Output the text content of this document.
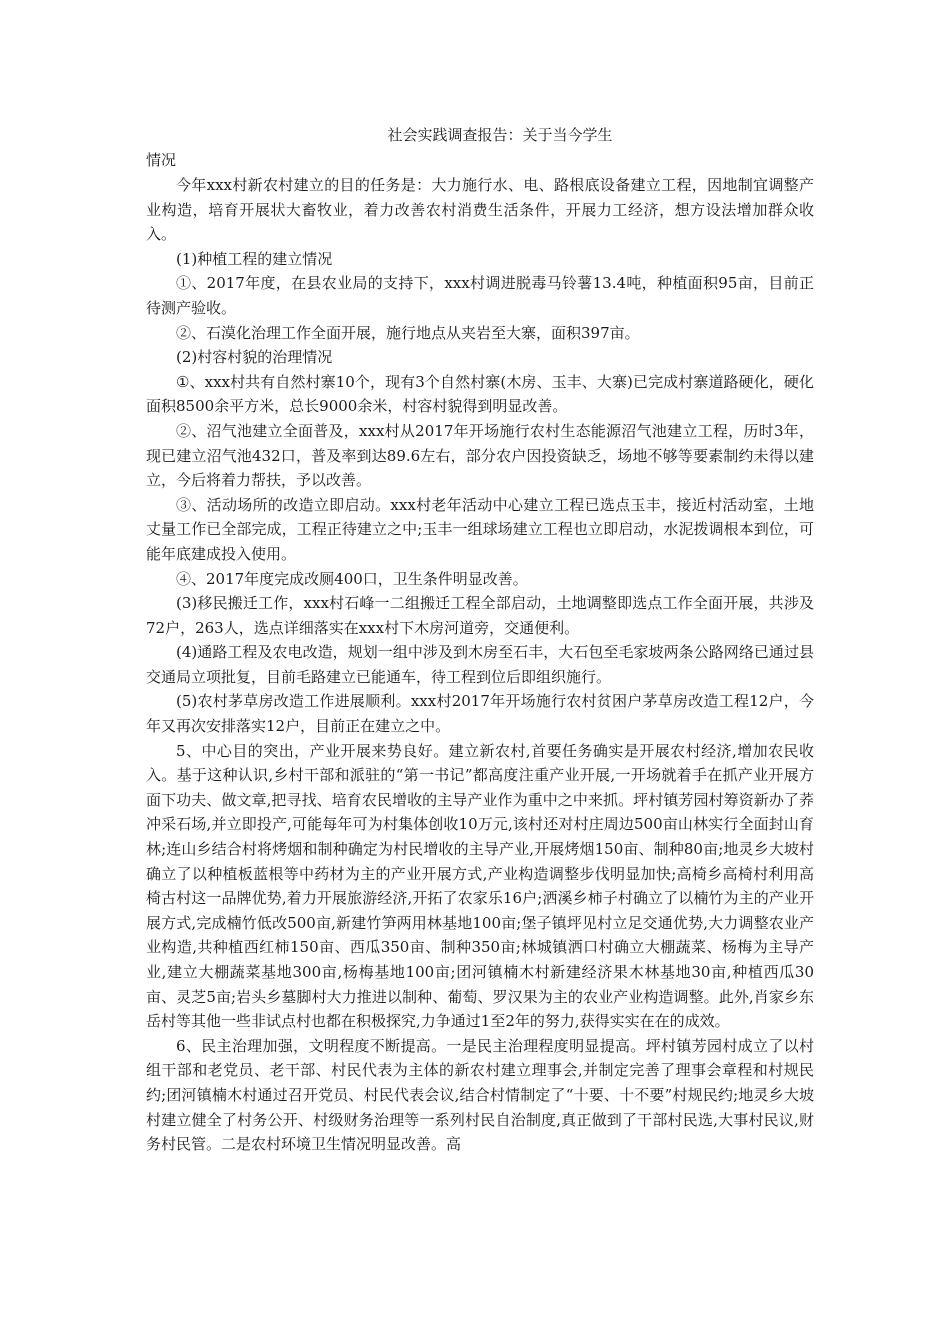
社会实践调查报告：关于当今学生

情况

今年xxx村新农村建立的目的任务是：大力施行水、电、路根底设备建立工程，因地制宜调整产业构造，培育开展状大畜牧业，着力改善农村消费生活条件，开展力工经济，想方设法增加群众收入。

(1)种植工程的建立情况

①、2017年度，在县农业局的支持下，xxx村调进脱毒马铃薯13.4吨，种植面积95亩，目前正待测产验收。

②、石漠化治理工作全面开展，施行地点从夹岩至大寨，面积397亩。

(2)村容村貌的治理情况

①、xxx村共有自然村寨10个，现有3个自然村寨(木房、玉丰、大寨)已完成村寨道路硬化，硬化面积8500余平方米，总长9000余米，村容村貌得到明显改善。

②、沼气池建立全面普及，xxx村从2017年开场施行农村生态能源沼气池建立工程，历时3年，现已建立沼气池432口，普及率到达89.6左右，部分农户因投资缺乏，场地不够等要素制约未得以建立，今后将着力帮扶，予以改善。

③、活动场所的改造立即启动。xxx村老年活动中心建立工程已选点玉丰，接近村活动室，土地丈量工作已全部完成，工程正待建立之中;玉丰一组球场建立工程也立即启动，水泥拨调根本到位，可能年底建成投入使用。

④、2017年度完成改厕400口，卫生条件明显改善。

(3)移民搬迁工作，xxx村石峰一二组搬迁工程全部启动，土地调整即选点工作全面开展，共涉及72户，263人，选点详细落实在xxx村下木房河道旁，交通便利。

(4)通路工程及农电改造，规划一组中涉及到木房至石丰，大石包至毛家坡两条公路网络已通过县交通局立项批复，目前毛路建立已能通车，待工程到位后即组织施行。

(5)农村茅草房改造工作进展顺利。xxx村2017年开场施行农村贫困户茅草房改造工程12户，今年又再次安排落实12户，目前正在建立之中。

5、中心目的突出，产业开展来势良好。建立新农村,首要任务确实是开展农村经济,增加农民收入。基于这种认识,乡村干部和派驻的“第一书记”都高度注重产业开展,一开场就着手在抓产业开展方面下功夫、做文章,把寻找、培育农民增收的主导产业作为重中之中来抓。坪村镇芳园村筹资新办了荞冲采石场,并立即投产,可能每年可为村集体创收10万元,该村还对村庄周边500亩山林实行全面封山育林;连山乡结合村将烤烟和制种确定为村民增收的主导产业,开展烤烟150亩、制种80亩;地灵乡大坡村确立了以种植板蓝根等中药材为主的产业开展方式,产业构造调整步伐明显加快;高椅乡高椅村利用高椅古村这一品牌优势,着力开展旅游经济,开拓了农家乐16户;洒溪乡柿子村确立了以楠竹为主的产业开展方式,完成楠竹低改500亩,新建竹笋两用林基地100亩;堡子镇坪见村立足交通优势,大力调整农业产业构造,共种植西红柿150亩、西瓜350亩、制种350亩;林城镇洒口村确立大棚蔬菜、杨梅为主导产业,建立大棚蔬菜基地300亩,杨梅基地100亩;团河镇楠木村新建经济果木林基地30亩,种植西瓜30亩、灵芝5亩;岩头乡墓脚村大力推进以制种、葡萄、罗汉果为主的农业产业构造调整。此外,肖家乡东岳村等其他一些非试点村也都在积极探究,力争通过1至2年的努力,获得实实在在的成效。

6、民主治理加强，文明程度不断提高。一是民主治理程度明显提高。坪村镇芳园村成立了以村组干部和老党员、老干部、村民代表为主体的新农村建立理事会,并制定完善了理事会章程和村规民约;团河镇楠木村通过召开党员、村民代表会议,结合村情制定了“十要、十不要”村规民约;地灵乡大坡村建立健全了村务公开、村级财务治理等一系列村民自治制度,真正做到了干部村民选,大事村民议,财务村民管。二是农村环境卫生情况明显改善。高
